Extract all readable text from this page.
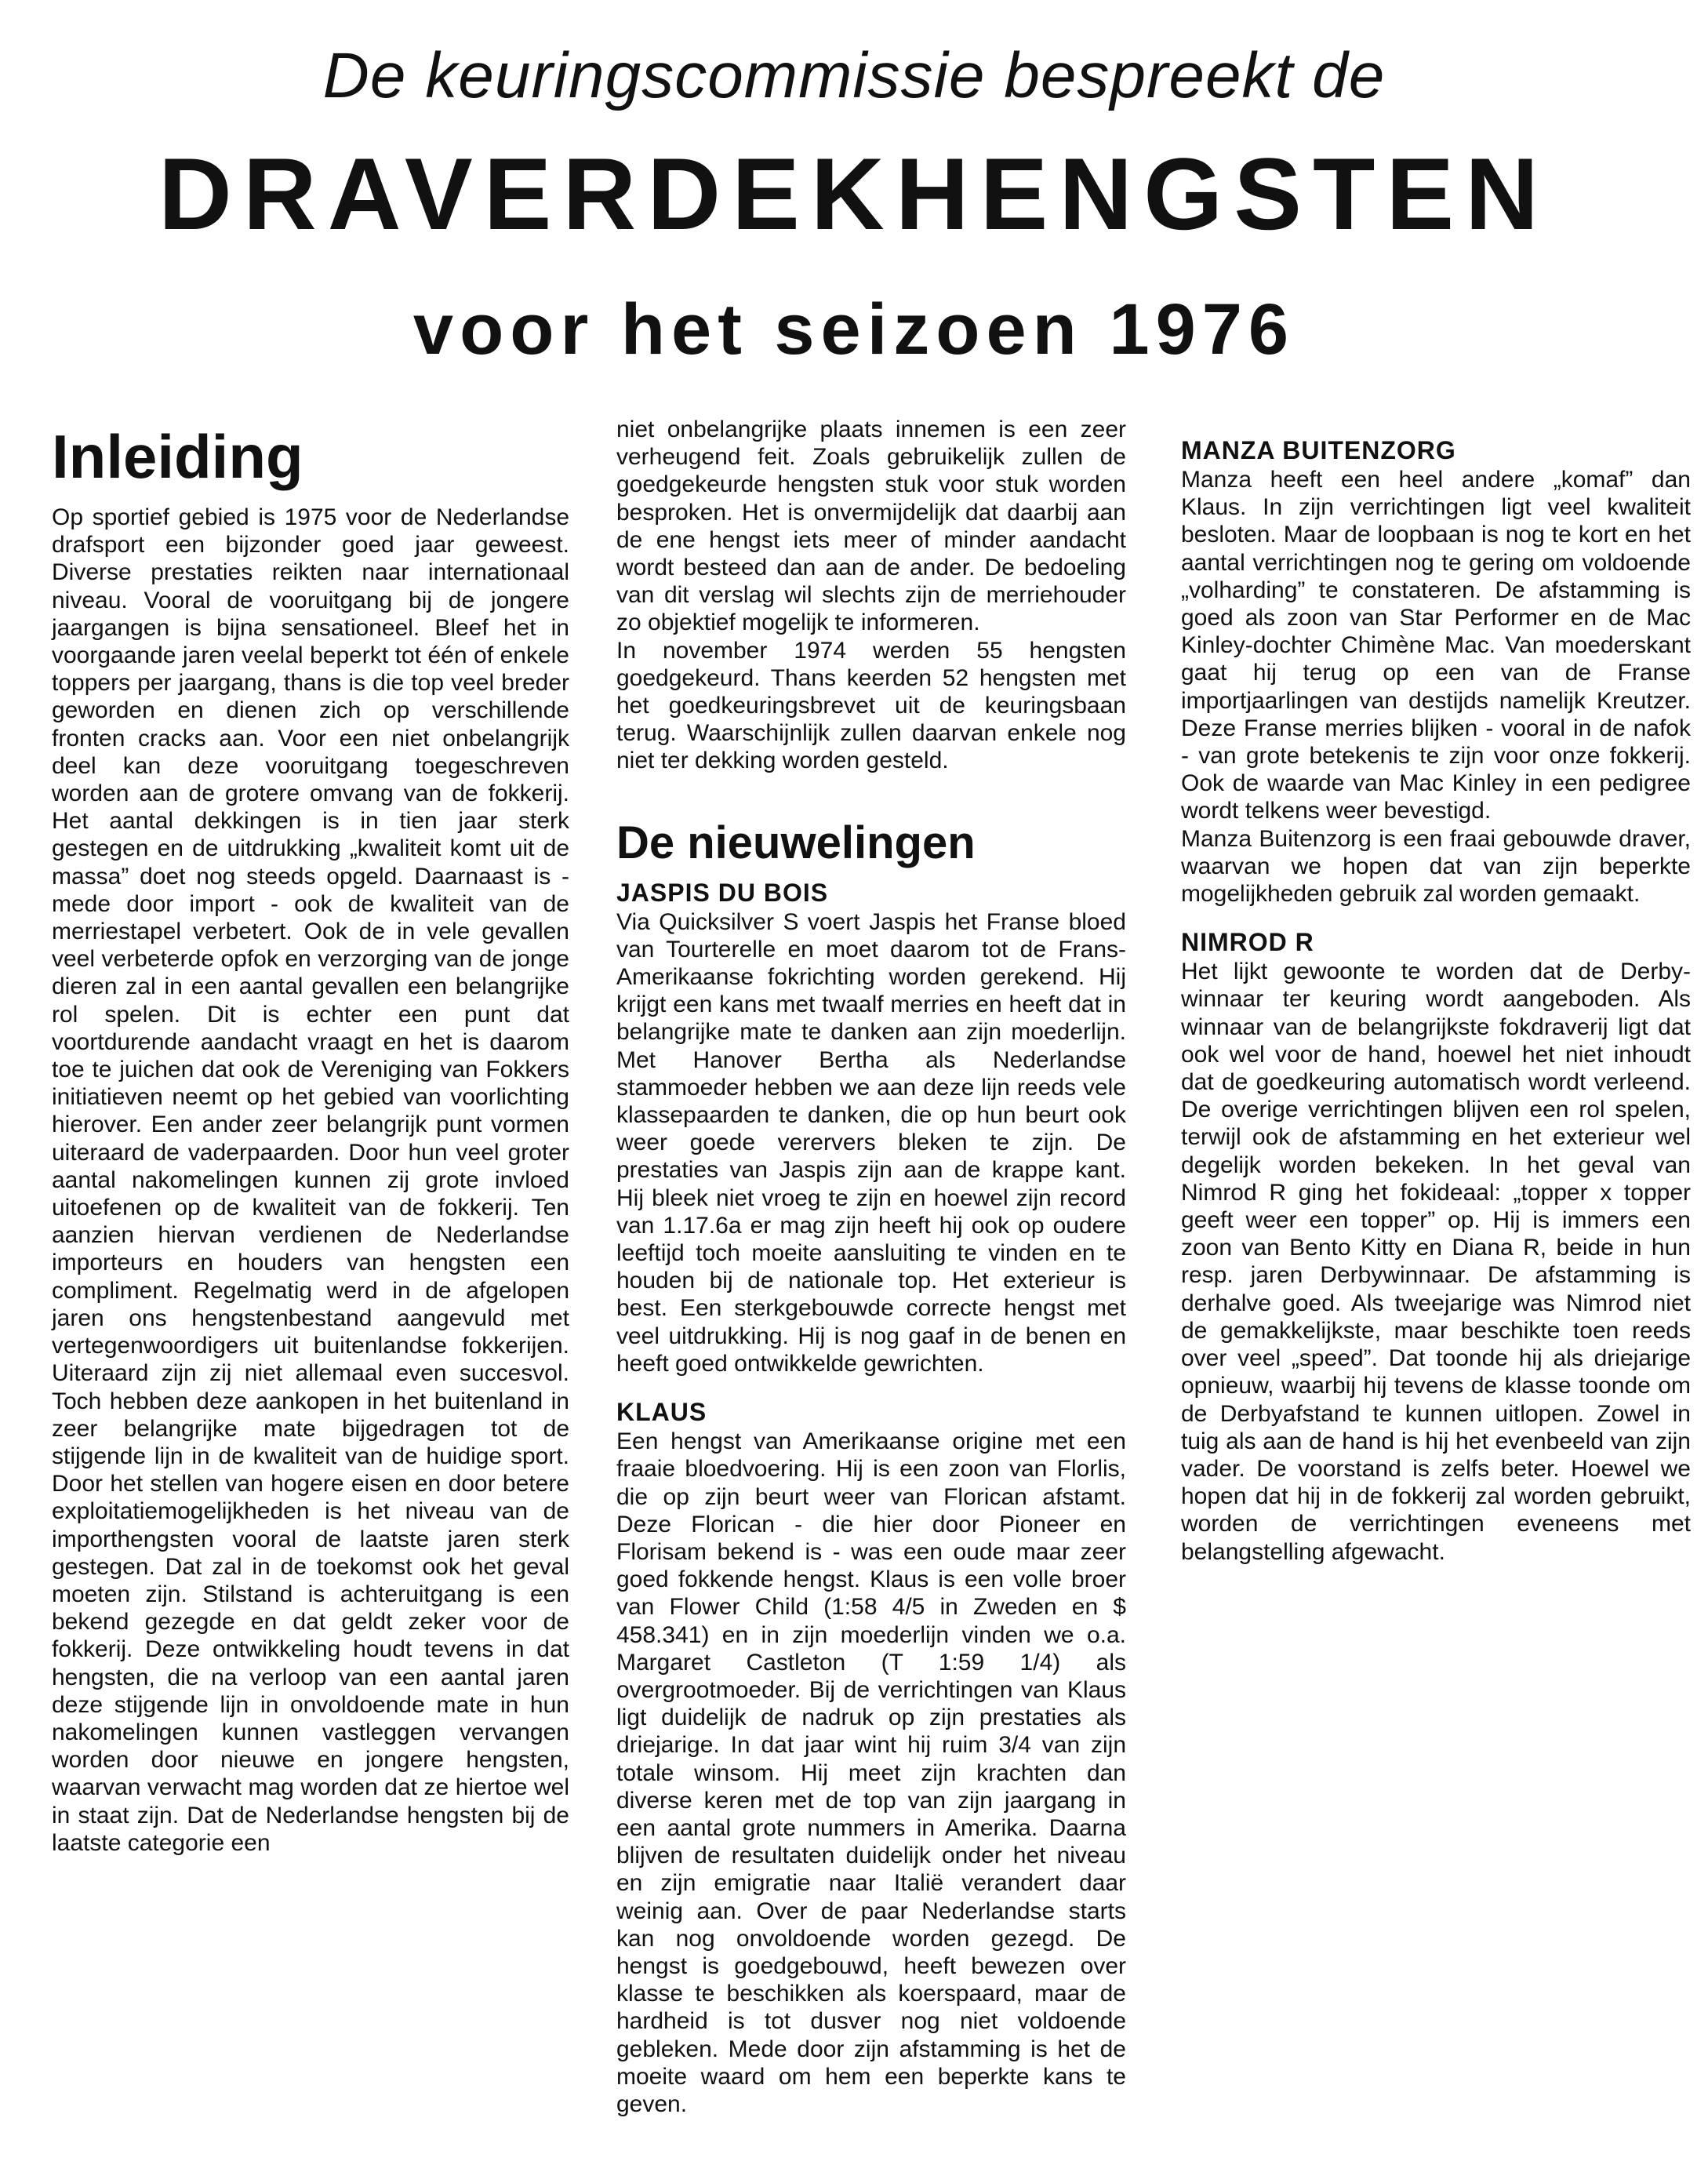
De keuringscommissie bespreekt de
DRAVERDEKHENGSTEN
voor het seizoen 1976
Inleiding

Op sportief gebied is 1975 voor de Nederlandse drafsport een bijzonder goed jaar geweest. Diverse prestaties reikten naar internationaal niveau. Vooral de vooruitgang bij de jongere jaargangen is bijna sensationeel. Bleef het in voorgaande jaren veelal beperkt tot één of enkele toppers per jaargang, thans is die top veel breder geworden en dienen zich op verschillende fronten cracks aan. Voor een niet onbelangrijk deel kan deze vooruitgang toegeschreven worden aan de grotere omvang van de fokkerij. Het aantal dekkingen is in tien jaar sterk gestegen en de uitdrukking „kwaliteit komt uit de massa” doet nog steeds opgeld. Daarnaast is - mede door import - ook de kwaliteit van de merriestapel verbetert. Ook de in vele gevallen veel verbeterde opfok en verzorging van de jonge dieren zal in een aantal gevallen een belangrijke rol spelen. Dit is echter een punt dat voortdurende aandacht vraagt en het is daarom toe te juichen dat ook de Vereniging van Fokkers initiatieven neemt op het gebied van voorlichting hierover. Een ander zeer belangrijk punt vormen uiteraard de vaderpaarden. Door hun veel groter aantal nakomelingen kunnen zij grote invloed uitoefenen op de kwaliteit van de fokkerij. Ten aanzien hiervan verdienen de Nederlandse importeurs en houders van hengsten een compliment. Regelmatig werd in de afgelopen jaren ons hengstenbestand aangevuld met vertegenwoordigers uit buitenlandse fokkerijen. Uiteraard zijn zij niet allemaal even succesvol. Toch hebben deze aankopen in het buitenland in zeer belangrijke mate bijgedragen tot de stijgende lijn in de kwaliteit van de huidige sport. Door het stellen van hogere eisen en door betere exploitatiemogelijkheden is het niveau van de importhengsten vooral de laatste jaren sterk gestegen. Dat zal in de toekomst ook het geval moeten zijn. Stilstand is achteruitgang is een bekend gezegde en dat geldt zeker voor de fokkerij. Deze ontwikkeling houdt tevens in dat hengsten, die na verloop van een aantal jaren deze stijgende lijn in onvoldoende mate in hun nakomelingen kunnen vastleggen vervangen worden door nieuwe en jongere hengsten, waarvan verwacht mag worden dat ze hiertoe wel in staat zijn. Dat de Nederlandse hengsten bij de laatste categorie een

niet onbelangrijke plaats innemen is een zeer verheugend feit. Zoals gebruikelijk zullen de goedgekeurde hengsten stuk voor stuk worden besproken. Het is onvermijdelijk dat daarbij aan de ene hengst iets meer of minder aandacht wordt besteed dan aan de ander. De bedoeling van dit verslag wil slechts zijn de merriehouder zo objektief mogelijk te informeren.

In november 1974 werden 55 hengsten goedgekeurd. Thans keerden 52 hengsten met het goedkeuringsbrevet uit de keuringsbaan terug. Waarschijnlijk zullen daarvan enkele nog niet ter dekking worden gesteld.

De nieuwelingen
JASPIS DU BOIS

Via Quicksilver S voert Jaspis het Franse bloed van Tourterelle en moet daarom tot de Frans-Amerikaanse fokrichting worden gerekend. Hij krijgt een kans met twaalf merries en heeft dat in belangrijke mate te danken aan zijn moederlijn. Met Hanover Bertha als Nederlandse stammoeder hebben we aan deze lijn reeds vele klassepaarden te danken, die op hun beurt ook weer goede verervers bleken te zijn. De prestaties van Jaspis zijn aan de krappe kant. Hij bleek niet vroeg te zijn en hoewel zijn record van 1.17.6a er mag zijn heeft hij ook op oudere leeftijd toch moeite aansluiting te vinden en te houden bij de nationale top. Het exterieur is best. Een sterkgebouwde correcte hengst met veel uitdrukking. Hij is nog gaaf in de benen en heeft goed ontwikkelde gewrichten.

KLAUS

Een hengst van Amerikaanse origine met een fraaie bloedvoering. Hij is een zoon van Florlis, die op zijn beurt weer van Florican afstamt. Deze Florican - die hier door Pioneer en Florisam bekend is - was een oude maar zeer goed fokkende hengst. Klaus is een volle broer van Flower Child (1:58 4/5 in Zweden en $ 458.341) en in zijn moederlijn vinden we o.a. Margaret Castleton (T 1:59 1/4) als overgrootmoeder. Bij de verrichtingen van Klaus ligt duidelijk de nadruk op zijn prestaties als driejarige. In dat jaar wint hij ruim 3/4 van zijn totale winsom. Hij meet zijn krachten dan diverse keren met de top van zijn jaargang in een aantal grote nummers in Amerika. Daarna blijven de resultaten duidelijk onder het niveau en zijn emigratie naar Italië verandert daar weinig aan. Over de paar Nederlandse starts kan nog onvoldoende worden gezegd. De hengst is goedgebouwd, heeft bewezen over klasse te beschikken als koerspaard, maar de hardheid is tot dusver nog niet voldoende gebleken. Mede door zijn afstamming is het de moeite waard om hem een beperkte kans te geven.

MANZA BUITENZORG

Manza heeft een heel andere „komaf” dan Klaus. In zijn verrichtingen ligt veel kwaliteit besloten. Maar de loopbaan is nog te kort en het aantal verrichtingen nog te gering om voldoende „volharding” te constateren. De afstamming is goed als zoon van Star Performer en de Mac Kinley-dochter Chimène Mac. Van moederskant gaat hij terug op een van de Franse importjaarlingen van destijds namelijk Kreutzer. Deze Franse merries blijken - vooral in de nafok - van grote betekenis te zijn voor onze fokkerij. Ook de waarde van Mac Kinley in een pedigree wordt telkens weer bevestigd.

Manza Buitenzorg is een fraai gebouwde draver, waarvan we hopen dat van zijn beperkte mogelijkheden gebruik zal worden gemaakt.

NIMROD R

Het lijkt gewoonte te worden dat de Derby-winnaar ter keuring wordt aangeboden. Als winnaar van de belangrijkste fokdraverij ligt dat ook wel voor de hand, hoewel het niet inhoudt dat de goedkeuring automatisch wordt verleend. De overige verrichtingen blijven een rol spelen, terwijl ook de afstamming en het exterieur wel degelijk worden bekeken. In het geval van Nimrod R ging het fokideaal: „topper x topper geeft weer een topper” op. Hij is immers een zoon van Bento Kitty en Diana R, beide in hun resp. jaren Derbywinnaar. De afstamming is derhalve goed. Als tweejarige was Nimrod niet de gemakkelijkste, maar beschikte toen reeds over veel „speed”. Dat toonde hij als driejarige opnieuw, waarbij hij tevens de klasse toonde om de Derbyafstand te kunnen uitlopen. Zowel in tuig als aan de hand is hij het evenbeeld van zijn vader. De voorstand is zelfs beter. Hoewel we hopen dat hij in de fokkerij zal worden gebruikt, worden de verrichtingen eveneens met belangstelling afgewacht.
